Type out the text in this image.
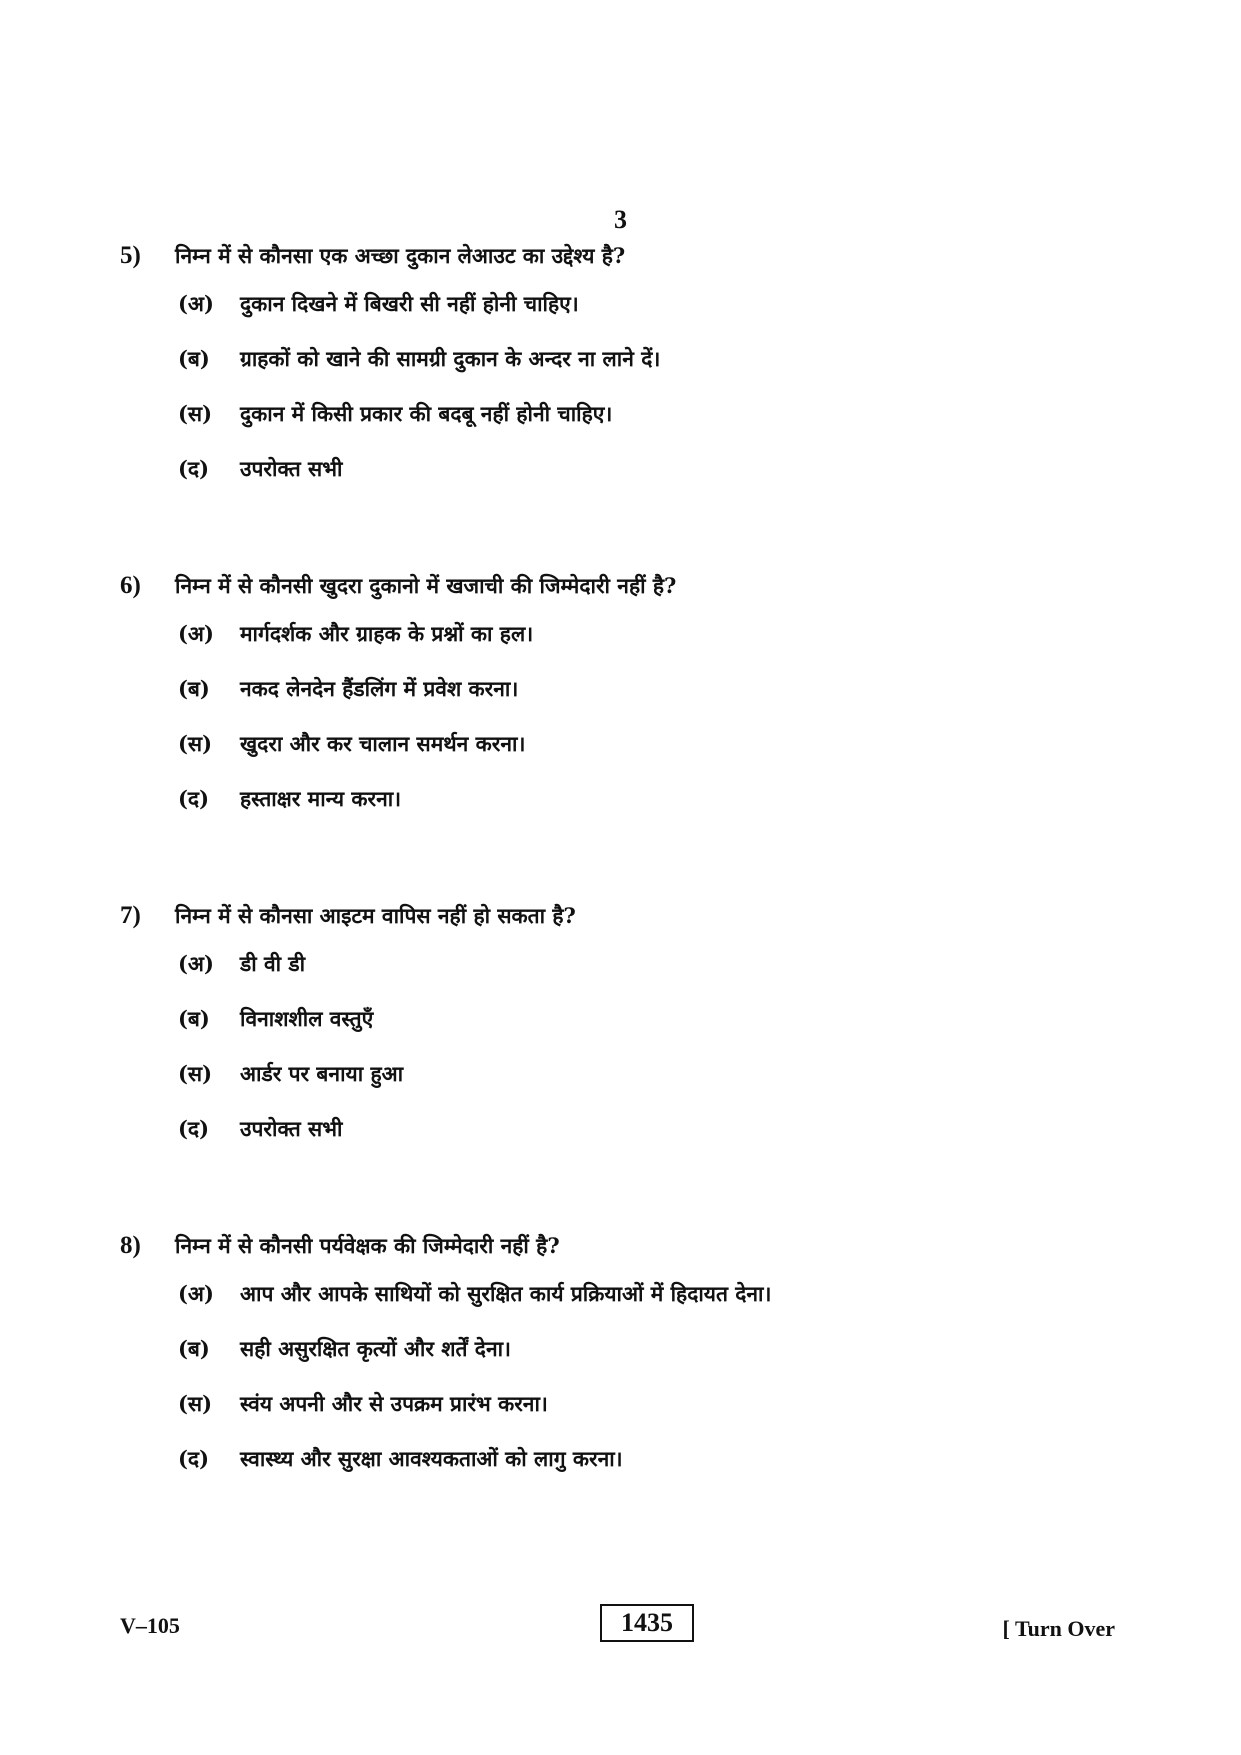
3
5)	निम्न में से कौनसा एक अच्छा दुकान लेआउट का उद्देश्य है?
(अ)	दुकान दिखने में बिखरी सी नहीं होनी चाहिए।
(ब)	ग्राहकों को खाने की सामग्री दुकान के अन्दर ना लाने दें।
(स)	दुकान में किसी प्रकार की बदबू नहीं होनी चाहिए।
(द)	उपरोक्त सभी
6)	निम्न में से कौनसी खुदरा दुकानो में खजाची की जिम्मेदारी नहीं है?
(अ)	मार्गदर्शक और ग्राहक के प्रश्नों का हल।
(ब)	नकद लेनदेन हैंडलिंग में प्रवेश करना।
(स)	खुदरा और कर चालान समर्थन करना।
(द)	हस्ताक्षर मान्य करना।
7)	निम्न में से कौनसा आइटम वापिस नहीं हो सकता है?
(अ)	डी वी डी
(ब)	विनाशशील वस्तुएँ
(स)	आर्डर पर बनाया हुआ
(द)	उपरोक्त सभी
8)	निम्न में से कौनसी पर्यवेक्षक की जिम्मेदारी नहीं है?
(अ)	आप और आपके साथियों को सुरक्षित कार्य प्रक्रियाओं में हिदायत देना।
(ब)	सही असुरक्षित कृत्यों और शर्तें देना।
(स)	स्वंय अपनी और से उपक्रम प्रारंभ करना।
(द)	स्वास्थ्य और सुरक्षा आवश्यकताओं को लागु करना।
V–105	1435	[ Turn Over
